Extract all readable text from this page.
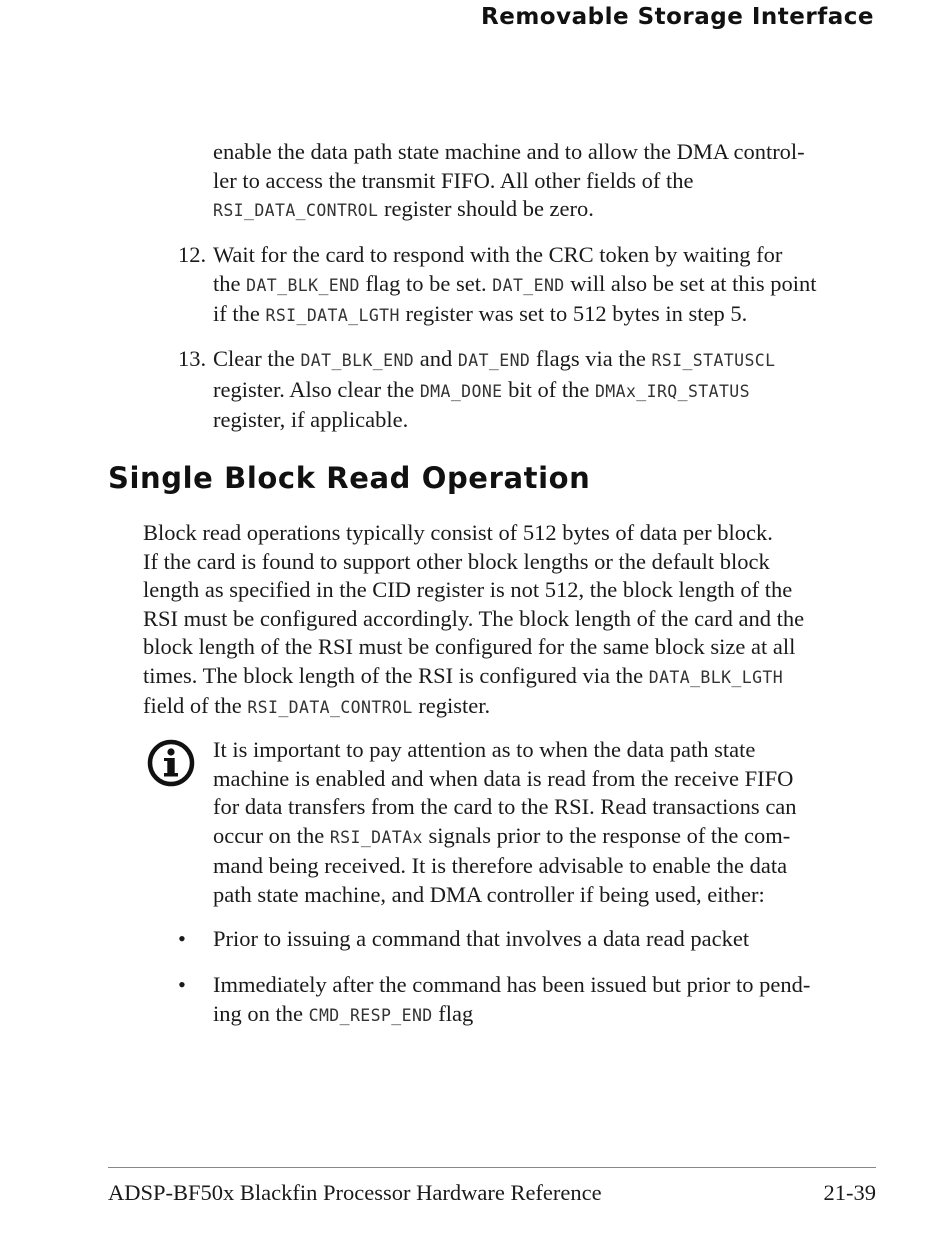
Removable Storage Interface
enable the data path state machine and to allow the DMA control-
ler to access the transmit FIFO. All other fields of the
RSI_DATA_CONTROL register should be zero.
12. Wait for the card to respond with the CRC token by waiting for
the DAT_BLK_END flag to be set. DAT_END will also be set at this point
if the RSI_DATA_LGTH register was set to 512 bytes in step 5.
13. Clear the DAT_BLK_END and DAT_END flags via the RSI_STATUSCL
register. Also clear the DMA_DONE bit of the DMAx_IRQ_STATUS
register, if applicable.
Single Block Read Operation
Block read operations typically consist of 512 bytes of data per block.
If the card is found to support other block lengths or the default block
length as specified in the CID register is not 512, the block length of the
RSI must be configured accordingly. The block length of the card and the
block length of the RSI must be configured for the same block size at all
times. The block length of the RSI is configured via the DATA_BLK_LGTH
field of the RSI_DATA_CONTROL register.
It is important to pay attention as to when the data path state
machine is enabled and when data is read from the receive FIFO
for data transfers from the card to the RSI. Read transactions can
occur on the RSI_DATAx signals prior to the response of the com-
mand being received. It is therefore advisable to enable the data
path state machine, and DMA controller if being used, either:
• Prior to issuing a command that involves a data read packet
• Immediately after the command has been issued but prior to pend-
ing on the CMD_RESP_END flag
ADSP-BF50x Blackfin Processor Hardware Reference	21-39
